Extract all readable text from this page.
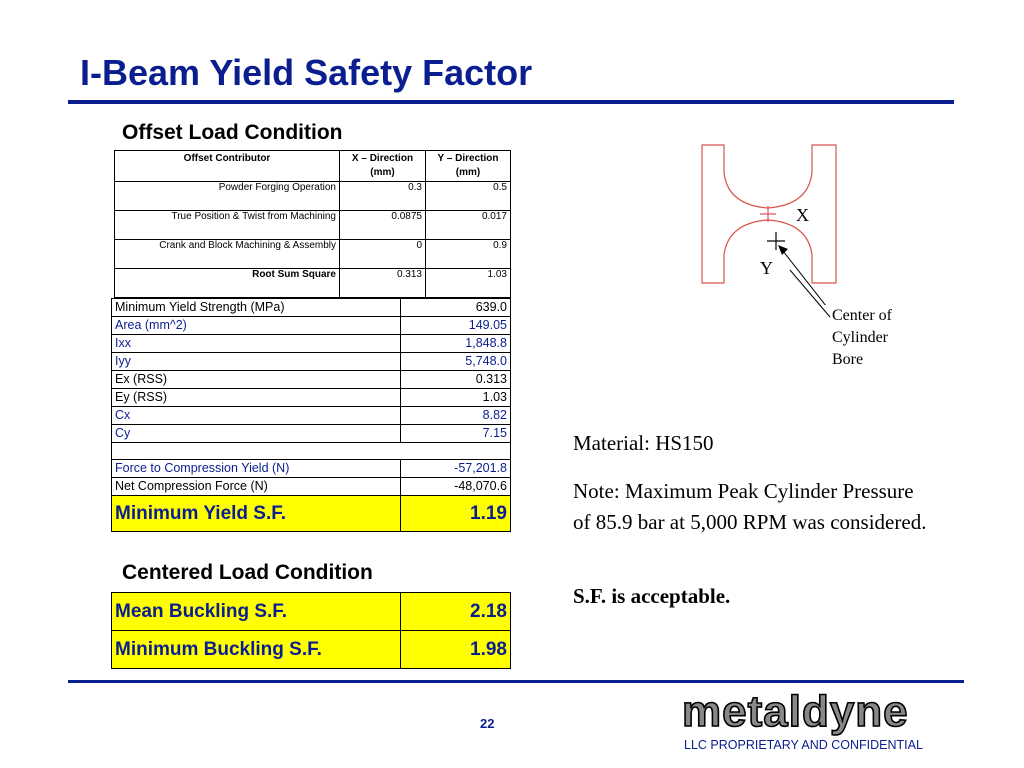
I-Beam Yield Safety Factor
Offset Load Condition
Offset Contributor	X – Direction (mm)	Y – Direction (mm)
Powder Forging Operation	0.3	0.5
True Position & Twist from Machining	0.0875	0.017
Crank and Block Machining & Assembly	0	0.9
Root Sum Square	0.313	1.03
Minimum Yield Strength (MPa)	639.0
Area (mm^2)	149.05
Ixx	1,848.8
Iyy	5,748.0
Ex (RSS)	0.313
Ey (RSS)	1.03
Cx	8.82
Cy	7.15

Force to Compression Yield (N)	-57,201.8
Net Compression Force (N)	-48,070.6
Minimum Yield S.F.	1.19
Centered Load Condition
Mean Buckling S.F.	2.18
Minimum Buckling S.F.	1.98
X
Y
Center of
Cylinder
Bore
Material: HS150
Note: Maximum Peak Cylinder Pressure of 85.9 bar at 5,000 RPM was considered.
S.F. is acceptable.
22	metaldyne
LLC PROPRIETARY AND CONFIDENTIAL
